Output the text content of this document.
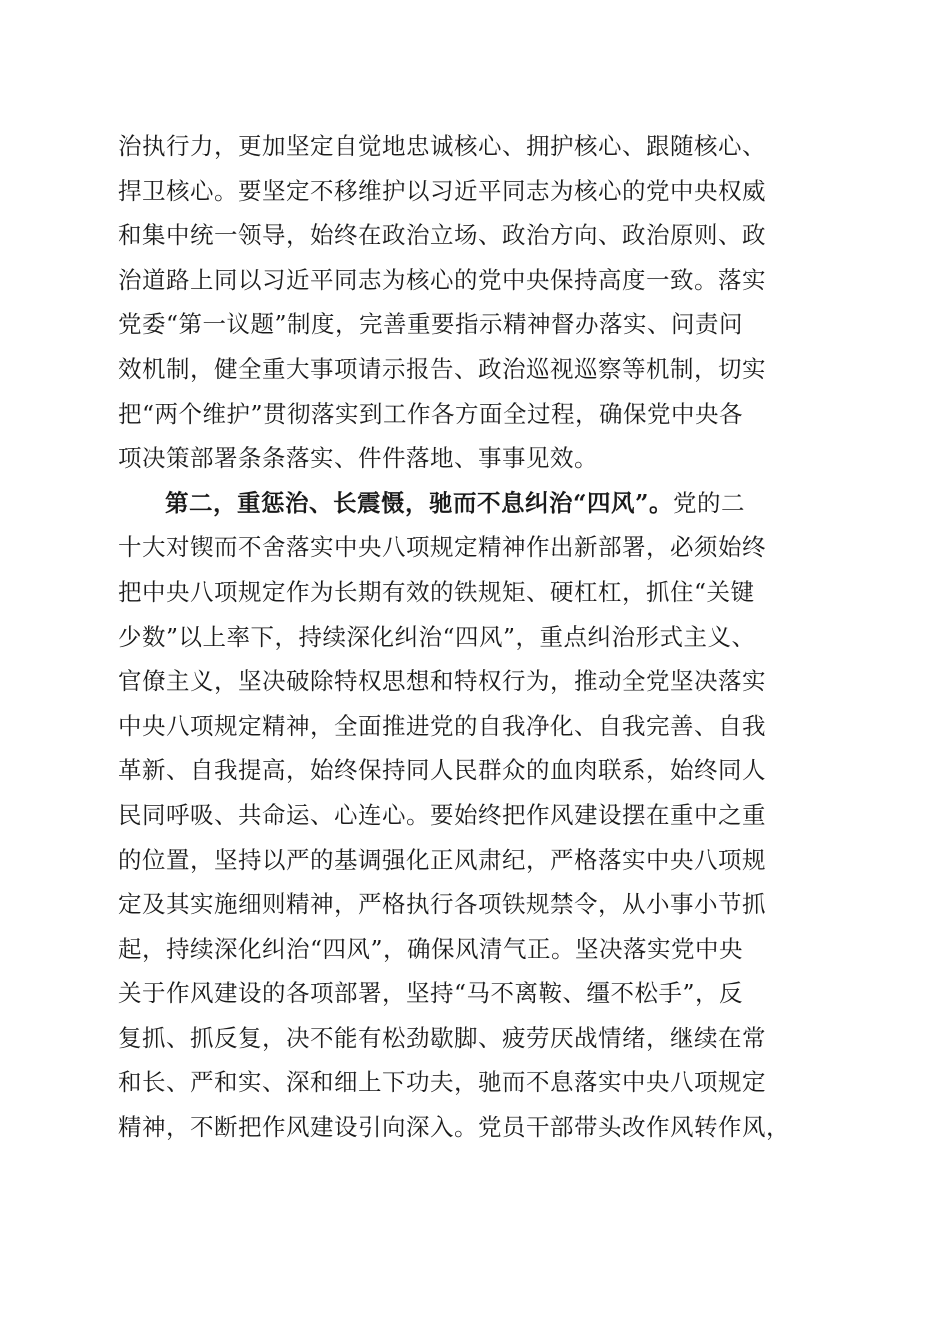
治执行力，更加坚定自觉地忠诚核心、拥护核心、跟随核心、
捍卫核心。要坚定不移维护以习近平同志为核心的党中央权威
和集中统一领导，始终在政治立场、政治方向、政治原则、政
治道路上同以习近平同志为核心的党中央保持高度一致。落实
党委“第一议题”制度，完善重要指示精神督办落实、问责问
效机制，健全重大事项请示报告、政治巡视巡察等机制，切实
把“两个维护”贯彻落实到工作各方面全过程，确保党中央各
项决策部署条条落实、件件落地、事事见效。
第二，重惩治、长震慑，驰而不息纠治“四风”。党的二
十大对锲而不舍落实中央八项规定精神作出新部署，必须始终
把中央八项规定作为长期有效的铁规矩、硬杠杠，抓住“关键
少数”以上率下，持续深化纠治“四风”，重点纠治形式主义、
官僚主义，坚决破除特权思想和特权行为，推动全党坚决落实
中央八项规定精神，全面推进党的自我净化、自我完善、自我
革新、自我提高，始终保持同人民群众的血肉联系，始终同人
民同呼吸、共命运、心连心。要始终把作风建设摆在重中之重
的位置，坚持以严的基调强化正风肃纪，严格落实中央八项规
定及其实施细则精神，严格执行各项铁规禁令，从小事小节抓
起，持续深化纠治“四风”，确保风清气正。坚决落实党中央
关于作风建设的各项部署，坚持“马不离鞍、缰不松手”，反
复抓、抓反复，决不能有松劲歇脚、疲劳厌战情绪，继续在常
和长、严和实、深和细上下功夫，驰而不息落实中央八项规定
精神，不断把作风建设引向深入。党员干部带头改作风转作风，
